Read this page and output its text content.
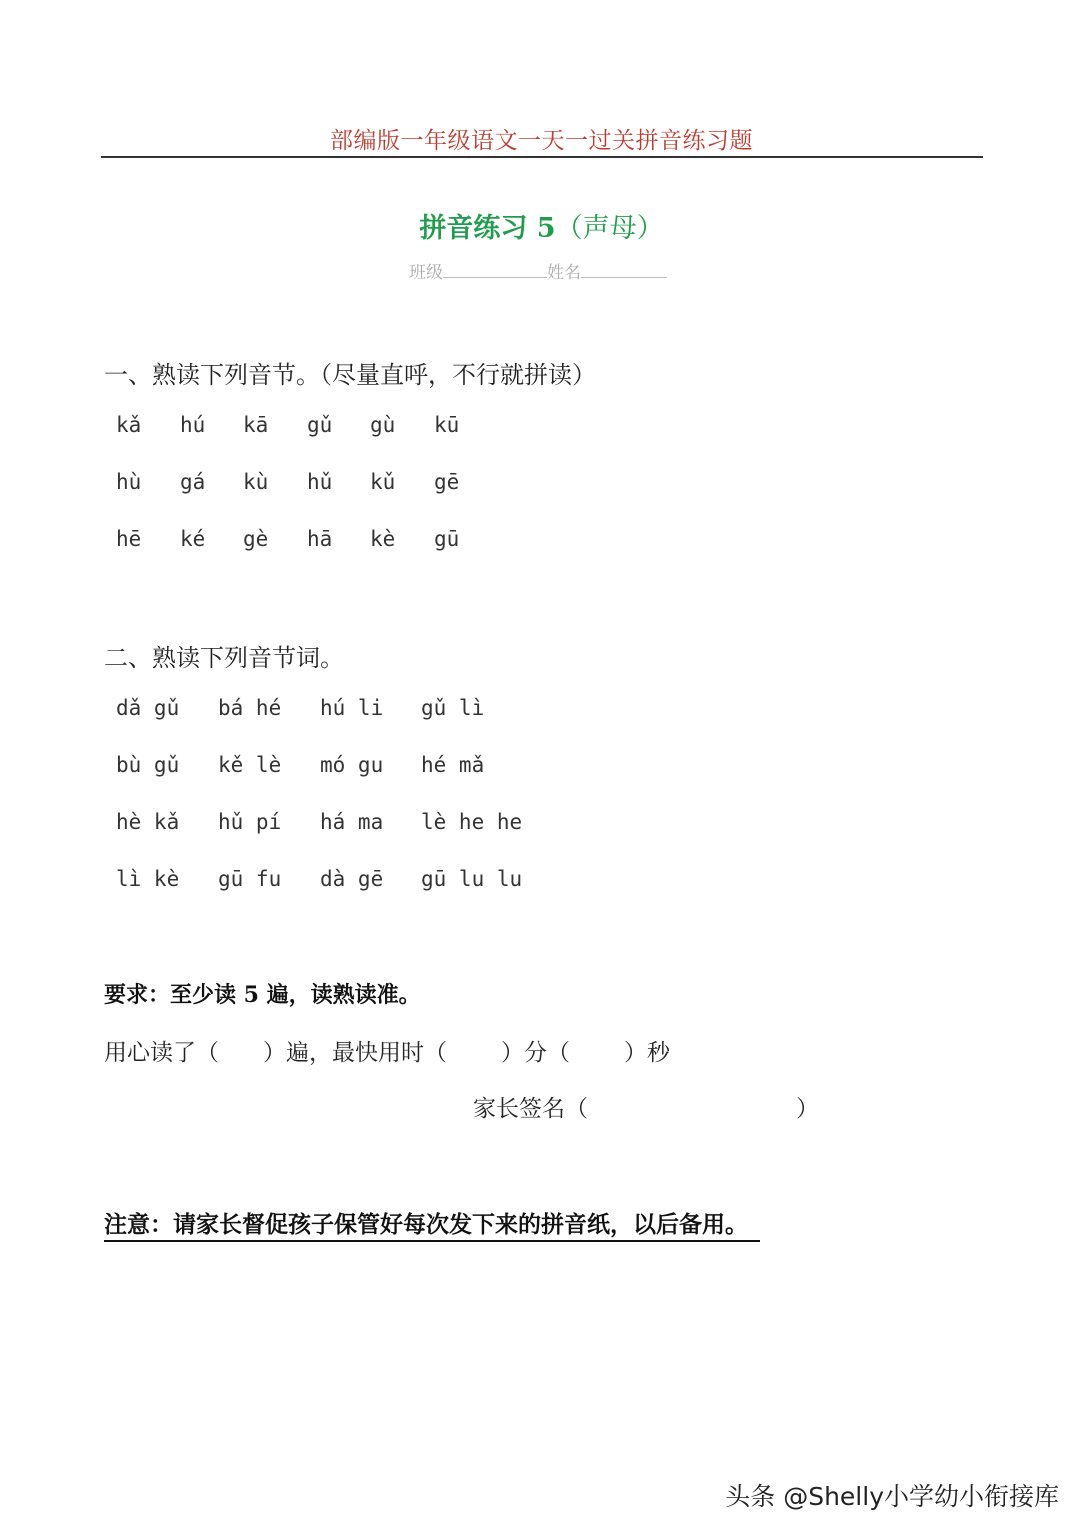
部编版一年级语文一天一过关拼音练习题
拼音练习 5（声母）
班级	姓名
一、熟读下列音节。（尽量直呼，不行就拼读）
kǎ hú kā gǔ gù kū
hù gá kù hǔ kǔ gē
hē ké gè hā kè gū
二、熟读下列音节词。
dǎ gǔ bá hé hú li gǔ lì
bù gǔ kě lè mó gu hé mǎ
hè kǎ hǔ pí há ma lè he he
lì kè gū fu dà gē gū lu lu
要求：至少读 5 遍，读熟读准。
用心读了（ ）遍，最快用时（ ）分（ ）秒
家长签名（	）
注意：请家长督促孩子保管好每次发下来的拼音纸，以后备用。
头条 @Shelly小学幼小衔接库
